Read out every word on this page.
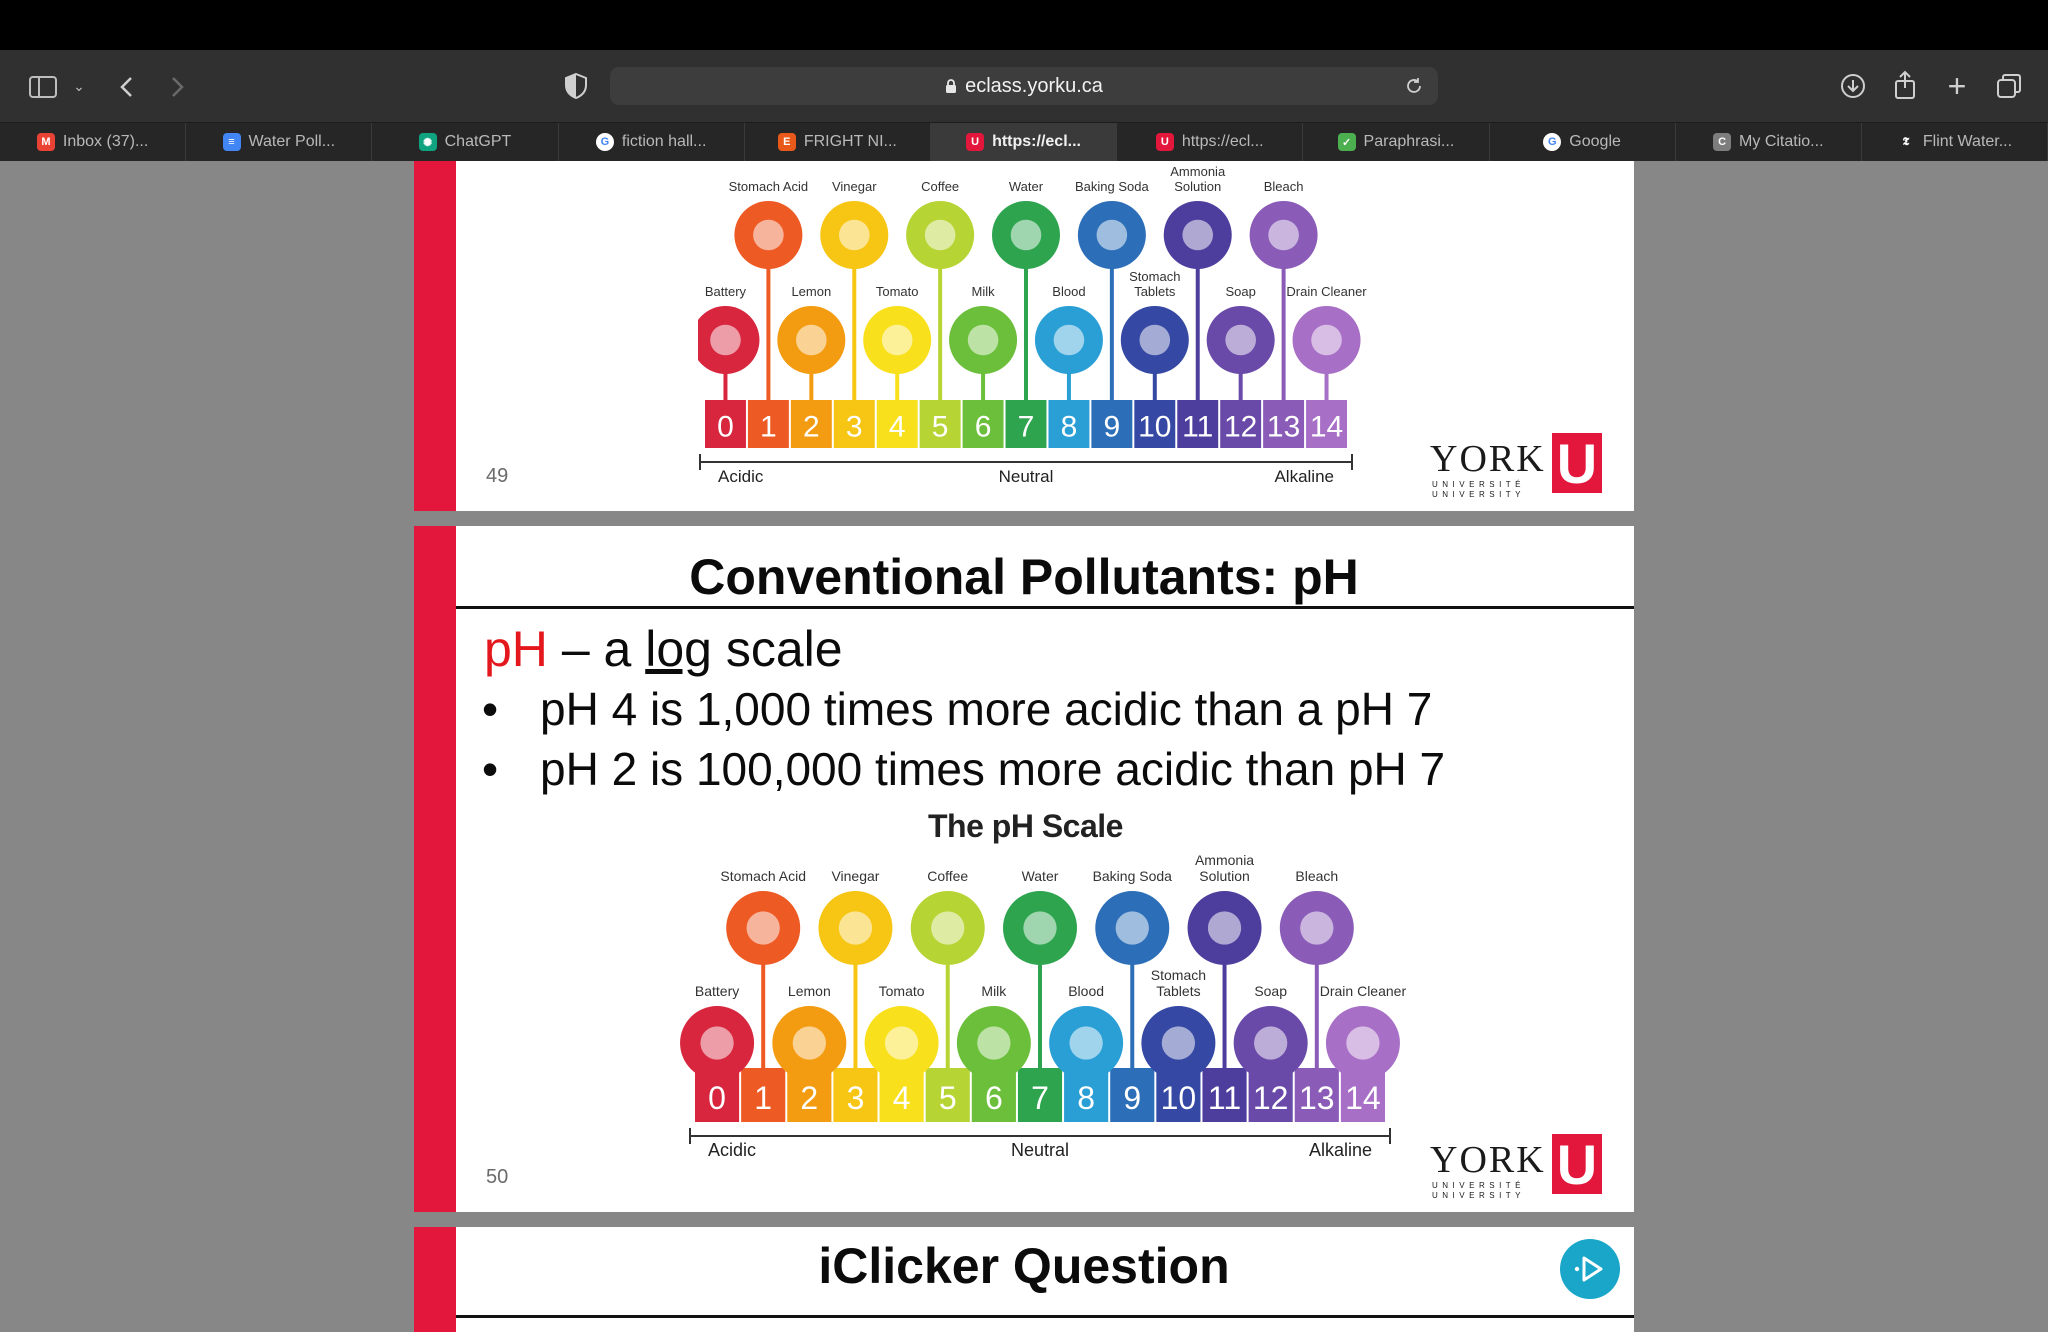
⌄	+
eclass.yorku.ca
M Inbox (37)...	≡ Water Poll...	✺ ChatGPT	G fiction hall...	E FRIGHT NI...	U https://ecl...	U https://ecl...	✓ Paraphrasi...	G Google	C My Citatio...	𝕿 Flint Water...
0 1 2 3 4 5 6 7 8 9 10 11 12 13 14
Stomach Acid Vinegar	Coffee	Water Baking Soda
Ammonia
Solution	Bleach
Battery	Lemon	Tomato	Milk	Blood
Stomach
Tablets	Soap Drain Cleaner
Acidic	Neutral	Alkaline
49	YORK U
UNIVERSITÉ
UNIVERSITY
Conventional Pollutants: pH
pH – a log scale
• pH 4 is 1,000 times more acidic than a pH 7
• pH 2 is 100,000 times more acidic than pH 7
The pH Scale
0 1 2 3 4 5 6 7 8 9 10 11 12 13 14
Stomach Acid Vinegar	Coffee	Water Baking Soda
Ammonia
Solution	Bleach
Battery	Lemon	Tomato	Milk	Blood
Stomach
Tablets	Soap Drain Cleaner
Acidic	Neutral	Alkaline
50	YORK U
UNIVERSITÉ
UNIVERSITY
iClicker Question
